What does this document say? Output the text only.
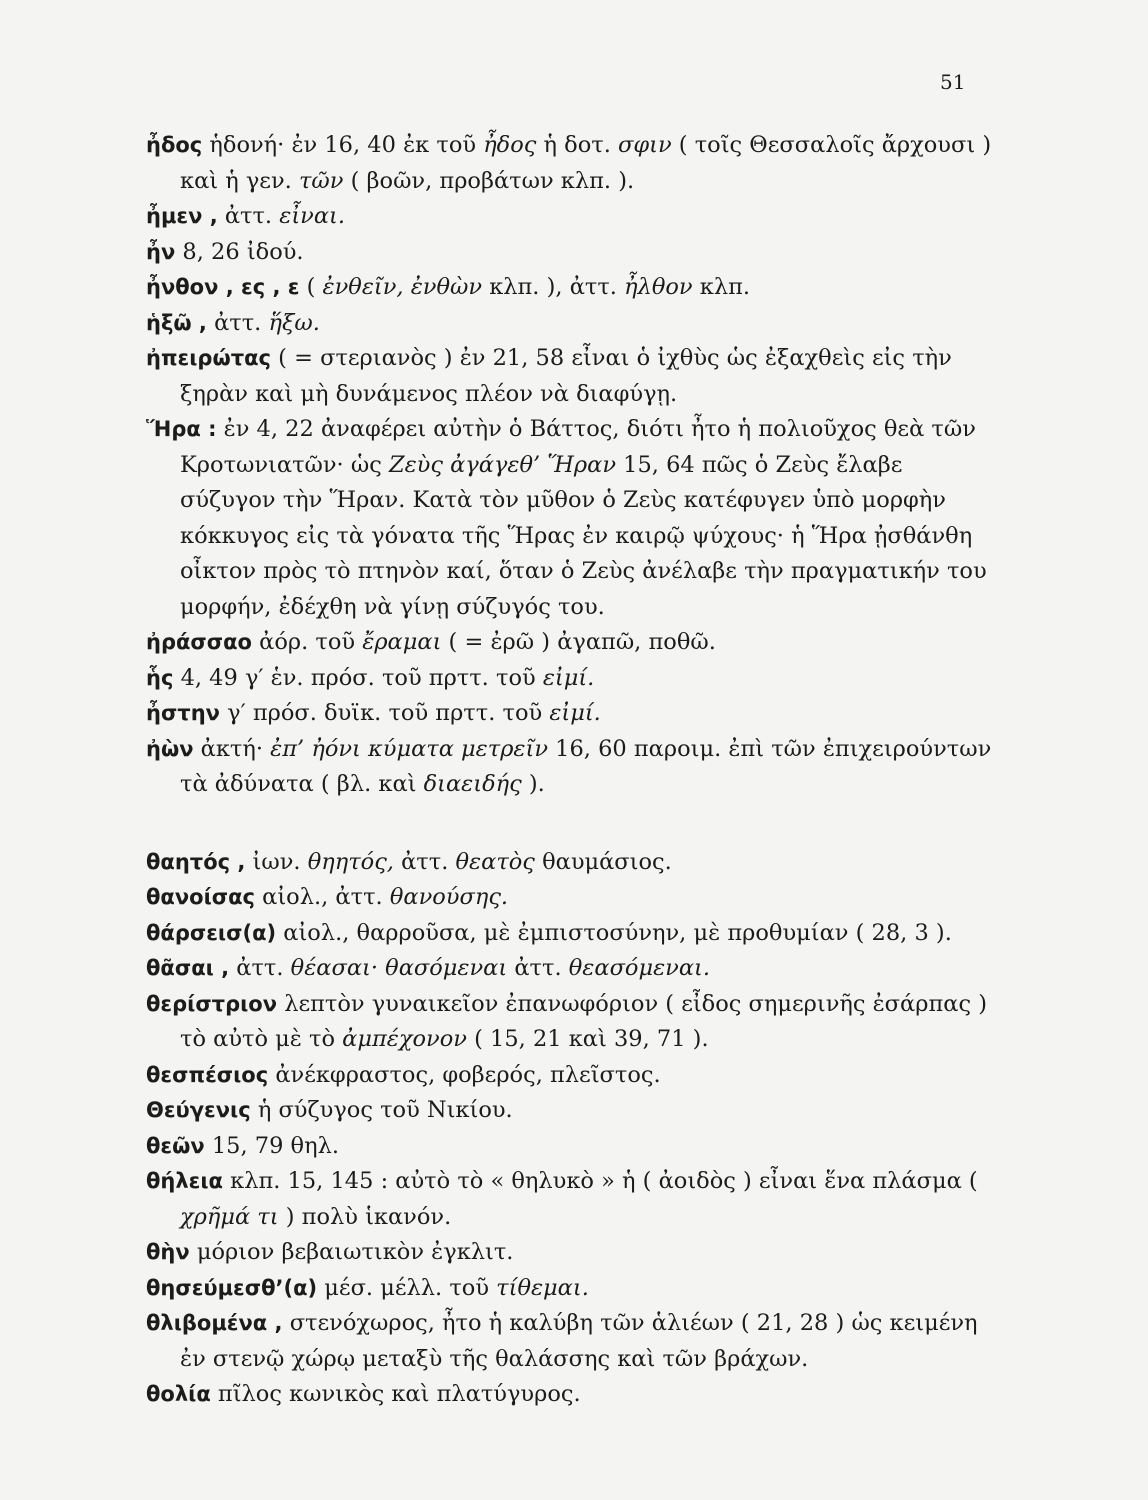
51
ἦδος ἡδονή· ἐν 16, 40 ἐκ τοῦ ἦδος ἡ δοτ. σφιν ( τοῖς Θεσσαλοῖς ἄρχουσι ) καὶ ἡ γεν. τῶν ( βοῶν, προβάτων κλπ. ).
ἦμεν , ἀττ. εἶναι.
ἦν 8, 26 ἰδού.
ἦνθον , ες , ε ( ἐνθεῖν, ἐνθὼν κλπ. ), ἀττ. ἦλθον κλπ.
ἡξῶ , ἀττ. ἥξω.
ἠπειρώτας ( = στεριανὸς ) ἐν 21, 58 εἶναι ὁ ἰχθὺς ὡς ἐξαχθεὶς εἰς τὴν ξηρὰν καὶ μὴ δυνάμενος πλέον νὰ διαφύγῃ.
Ἥρα : ἐν 4, 22 ἀναφέρει αὐτὴν ὁ Βάττος, διότι ἦτο ἡ πολιοῦχος θεὰ τῶν Κροτωνιατῶν· ὡς Ζεὺς ἀγάγεθ’ Ἥραν 15, 64 πῶς ὁ Ζεὺς ἔλαβε σύζυγον τὴν Ἥραν. Κατὰ τὸν μῦθον ὁ Ζεὺς κατέφυγεν ὑπὸ μορφὴν κόκκυγος εἰς τὰ γόνατα τῆς Ἥρας ἐν καιρῷ ψύχους· ἡ Ἥρα ᾐσθάνθη οἶκτον πρὸς τὸ πτηνὸν καί, ὅταν ὁ Ζεὺς ἀνέλαβε τὴν πραγματικήν του μορφήν, ἐδέχθη νὰ γίνῃ σύζυγός του.
ἠράσσαο ἀόρ. τοῦ ἔραμαι ( = ἐρῶ ) ἀγαπῶ, ποθῶ.
ἧς 4, 49 γ′ ἑν. πρόσ. τοῦ πρττ. τοῦ εἰμί.
ἦστην γ′ πρόσ. δυϊκ. τοῦ πρττ. τοῦ εἰμί.
ἠὼν ἀκτή· ἐπ’ ἠόνι κύματα μετρεῖν 16, 60 παροιμ. ἐπὶ τῶν ἐπιχειρούντων τὰ ἀδύνατα ( βλ. καὶ διαειδής ).
θαητός , ἰων. θηητός, ἀττ. θεατὸς θαυμάσιος.
θανοίσας αἰολ., ἀττ. θανούσης.
θάρσεισ(α) αἰολ., θαρροῦσα, μὲ ἐμπιστοσύνην, μὲ προθυμίαν ( 28, 3 ).
θᾶσαι , ἀττ. θέασαι· θασόμεναι ἀττ. θεασόμεναι.
θερίστριον λεπτὸν γυναικεῖον ἐπανωφόριον ( εἶδος σημερινῆς ἐσάρπας ) τὸ αὐτὸ μὲ τὸ ἀμπέχονον ( 15, 21 καὶ 39, 71 ).
θεσπέσιος ἀνέκφραστος, φοβερός, πλεῖστος.
Θεύγενις ἡ σύζυγος τοῦ Νικίου.
θεῶν 15, 79 θηλ.
θήλεια κλπ. 15, 145 : αὐτὸ τὸ « θηλυκὸ » ἡ ( ἀοιδὸς ) εἶναι ἕνα πλάσμα ( χρῆμά τι ) πολὺ ἱκανόν.
θὴν μόριον βεβαιωτικὸν ἐγκλιτ.
θησεύμεσθ’(α) μέσ. μέλλ. τοῦ τίθεμαι.
θλιβομένα , στενόχωρος, ἦτο ἡ καλύβη τῶν ἁλιέων ( 21, 28 ) ὡς κειμένη ἐν στενῷ χώρῳ μεταξὺ τῆς θαλάσσης καὶ τῶν βράχων.
θολία πῖλος κωνικὸς καὶ πλατύγυρος.
